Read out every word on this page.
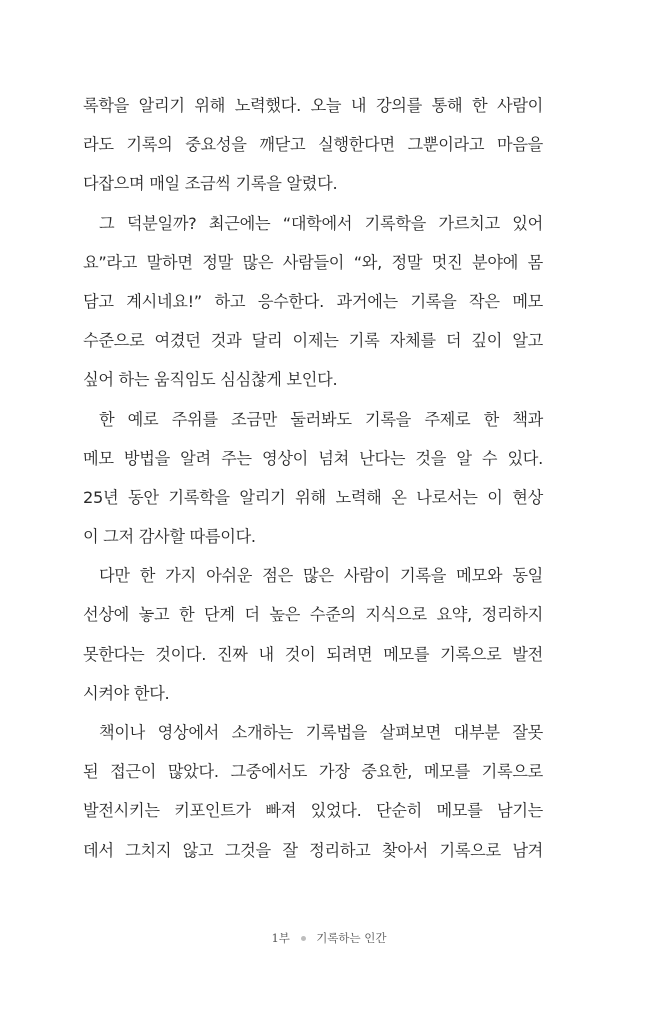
록학을 알리기 위해 노력했다. 오늘 내 강의를 통해 한 사람이
라도 기록의 중요성을 깨닫고 실행한다면 그뿐이라고 마음을
다잡으며 매일 조금씩 기록을 알렸다.
그 덕분일까? 최근에는 “대학에서 기록학을 가르치고 있어
요”라고 말하면 정말 많은 사람들이 “와, 정말 멋진 분야에 몸
담고 계시네요!” 하고 응수한다. 과거에는 기록을 작은 메모
수준으로 여겼던 것과 달리 이제는 기록 자체를 더 깊이 알고
싶어 하는 움직임도 심심찮게 보인다.
한 예로 주위를 조금만 둘러봐도 기록을 주제로 한 책과
메모 방법을 알려 주는 영상이 넘쳐 난다는 것을 알 수 있다.
25년 동안 기록학을 알리기 위해 노력해 온 나로서는 이 현상
이 그저 감사할 따름이다.
다만 한 가지 아쉬운 점은 많은 사람이 기록을 메모와 동일
선상에 놓고 한 단계 더 높은 수준의 지식으로 요약, 정리하지
못한다는 것이다. 진짜 내 것이 되려면 메모를 기록으로 발전
시켜야 한다.
책이나 영상에서 소개하는 기록법을 살펴보면 대부분 잘못
된 접근이 많았다. 그중에서도 가장 중요한, 메모를 기록으로
발전시키는 키포인트가 빠져 있었다. 단순히 메모를 남기는
데서 그치지 않고 그것을 잘 정리하고 찾아서 기록으로 남겨
1부 기록하는 인간
